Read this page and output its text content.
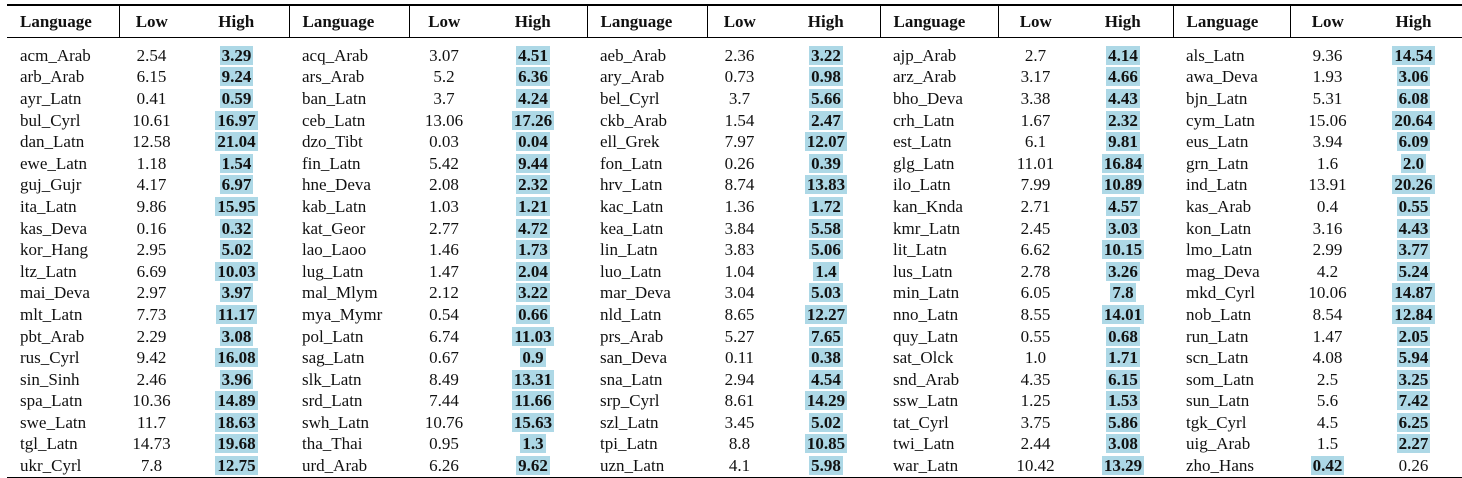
Language	Low	High	Language	Low	High	Language	Low	High	Language	Low	High	Language	Low	High
acm_Arab	2.54	3.29	acq_Arab	3.07	4.51	aeb_Arab	2.36	3.22	ajp_Arab	2.7	4.14	als_Latn	9.36	14.54
arb_Arab	6.15	9.24	ars_Arab	5.2	6.36	ary_Arab	0.73	0.98	arz_Arab	3.17	4.66	awa_Deva	1.93	3.06
ayr_Latn	0.41	0.59	ban_Latn	3.7	4.24	bel_Cyrl	3.7	5.66	bho_Deva	3.38	4.43	bjn_Latn	5.31	6.08
bul_Cyrl	10.61	16.97	ceb_Latn	13.06	17.26	ckb_Arab	1.54	2.47	crh_Latn	1.67	2.32	cym_Latn	15.06	20.64
dan_Latn	12.58	21.04	dzo_Tibt	0.03	0.04	ell_Grek	7.97	12.07	est_Latn	6.1	9.81	eus_Latn	3.94	6.09
ewe_Latn	1.18	1.54	fin_Latn	5.42	9.44	fon_Latn	0.26	0.39	glg_Latn	11.01	16.84	grn_Latn	1.6	2.0
guj_Gujr	4.17	6.97	hne_Deva	2.08	2.32	hrv_Latn	8.74	13.83	ilo_Latn	7.99	10.89	ind_Latn	13.91	20.26
ita_Latn	9.86	15.95	kab_Latn	1.03	1.21	kac_Latn	1.36	1.72	kan_Knda	2.71	4.57	kas_Arab	0.4	0.55
kas_Deva	0.16	0.32	kat_Geor	2.77	4.72	kea_Latn	3.84	5.58	kmr_Latn	2.45	3.03	kon_Latn	3.16	4.43
kor_Hang	2.95	5.02	lao_Laoo	1.46	1.73	lin_Latn	3.83	5.06	lit_Latn	6.62	10.15	lmo_Latn	2.99	3.77
ltz_Latn	6.69	10.03	lug_Latn	1.47	2.04	luo_Latn	1.04	1.4	lus_Latn	2.78	3.26	mag_Deva	4.2	5.24
mai_Deva	2.97	3.97	mal_Mlym	2.12	3.22	mar_Deva	3.04	5.03	min_Latn	6.05	7.8	mkd_Cyrl	10.06	14.87
mlt_Latn	7.73	11.17	mya_Mymr	0.54	0.66	nld_Latn	8.65	12.27	nno_Latn	8.55	14.01	nob_Latn	8.54	12.84
pbt_Arab	2.29	3.08	pol_Latn	6.74	11.03	prs_Arab	5.27	7.65	quy_Latn	0.55	0.68	run_Latn	1.47	2.05
rus_Cyrl	9.42	16.08	sag_Latn	0.67	0.9	san_Deva	0.11	0.38	sat_Olck	1.0	1.71	scn_Latn	4.08	5.94
sin_Sinh	2.46	3.96	slk_Latn	8.49	13.31	sna_Latn	2.94	4.54	snd_Arab	4.35	6.15	som_Latn	2.5	3.25
spa_Latn	10.36	14.89	srd_Latn	7.44	11.66	srp_Cyrl	8.61	14.29	ssw_Latn	1.25	1.53	sun_Latn	5.6	7.42
swe_Latn	11.7	18.63	swh_Latn	10.76	15.63	szl_Latn	3.45	5.02	tat_Cyrl	3.75	5.86	tgk_Cyrl	4.5	6.25
tgl_Latn	14.73	19.68	tha_Thai	0.95	1.3	tpi_Latn	8.8	10.85	twi_Latn	2.44	3.08	uig_Arab	1.5	2.27
ukr_Cyrl	7.8	12.75	urd_Arab	6.26	9.62	uzn_Latn	4.1	5.98	war_Latn	10.42	13.29	zho_Hans	0.42	0.26
